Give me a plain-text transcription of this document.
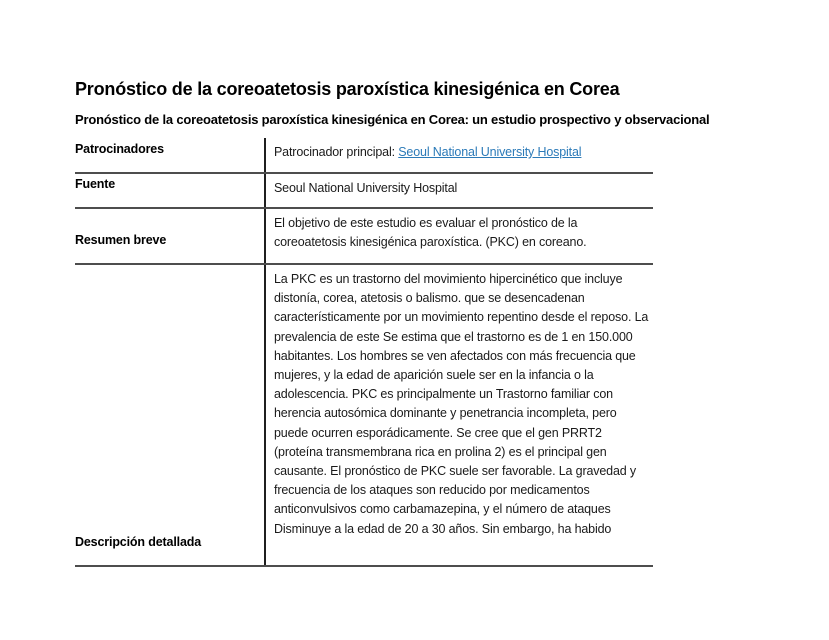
Pronóstico de la coreoatetosis paroxística kinesigénica en Corea
Pronóstico de la coreoatetosis paroxística kinesigénica en Corea: un estudio prospectivo y observacional
Patrocinadores	Patrocinador principal: Seoul National University Hospital
Fuente	Seoul National University Hospital
Resumen breve	El objetivo de este estudio es evaluar el pronóstico de la coreoatetosis kinesigénica paroxística. (PKC) en coreano.
Descripción detallada	La PKC es un trastorno del movimiento hipercinético que incluye distonía, corea, atetosis o balismo. que se desencadenan característicamente por un movimiento repentino desde el reposo. La prevalencia de este Se estima que el trastorno es de 1 en 150.000 habitantes. Los hombres se ven afectados con más frecuencia que mujeres, y la edad de aparición suele ser en la infancia o la adolescencia. PKC es principalmente un Trastorno familiar con herencia autosómica dominante y penetrancia incompleta, pero puede ocurren esporádicamente. Se cree que el gen PRRT2 (proteína transmembrana rica en prolina 2) es el principal gen causante. El pronóstico de PKC suele ser favorable. La gravedad y frecuencia de los ataques son reducido por medicamentos anticonvulsivos como carbamazepina, y el número de ataques Disminuye a la edad de 20 a 30 años. Sin embargo, ha habido
